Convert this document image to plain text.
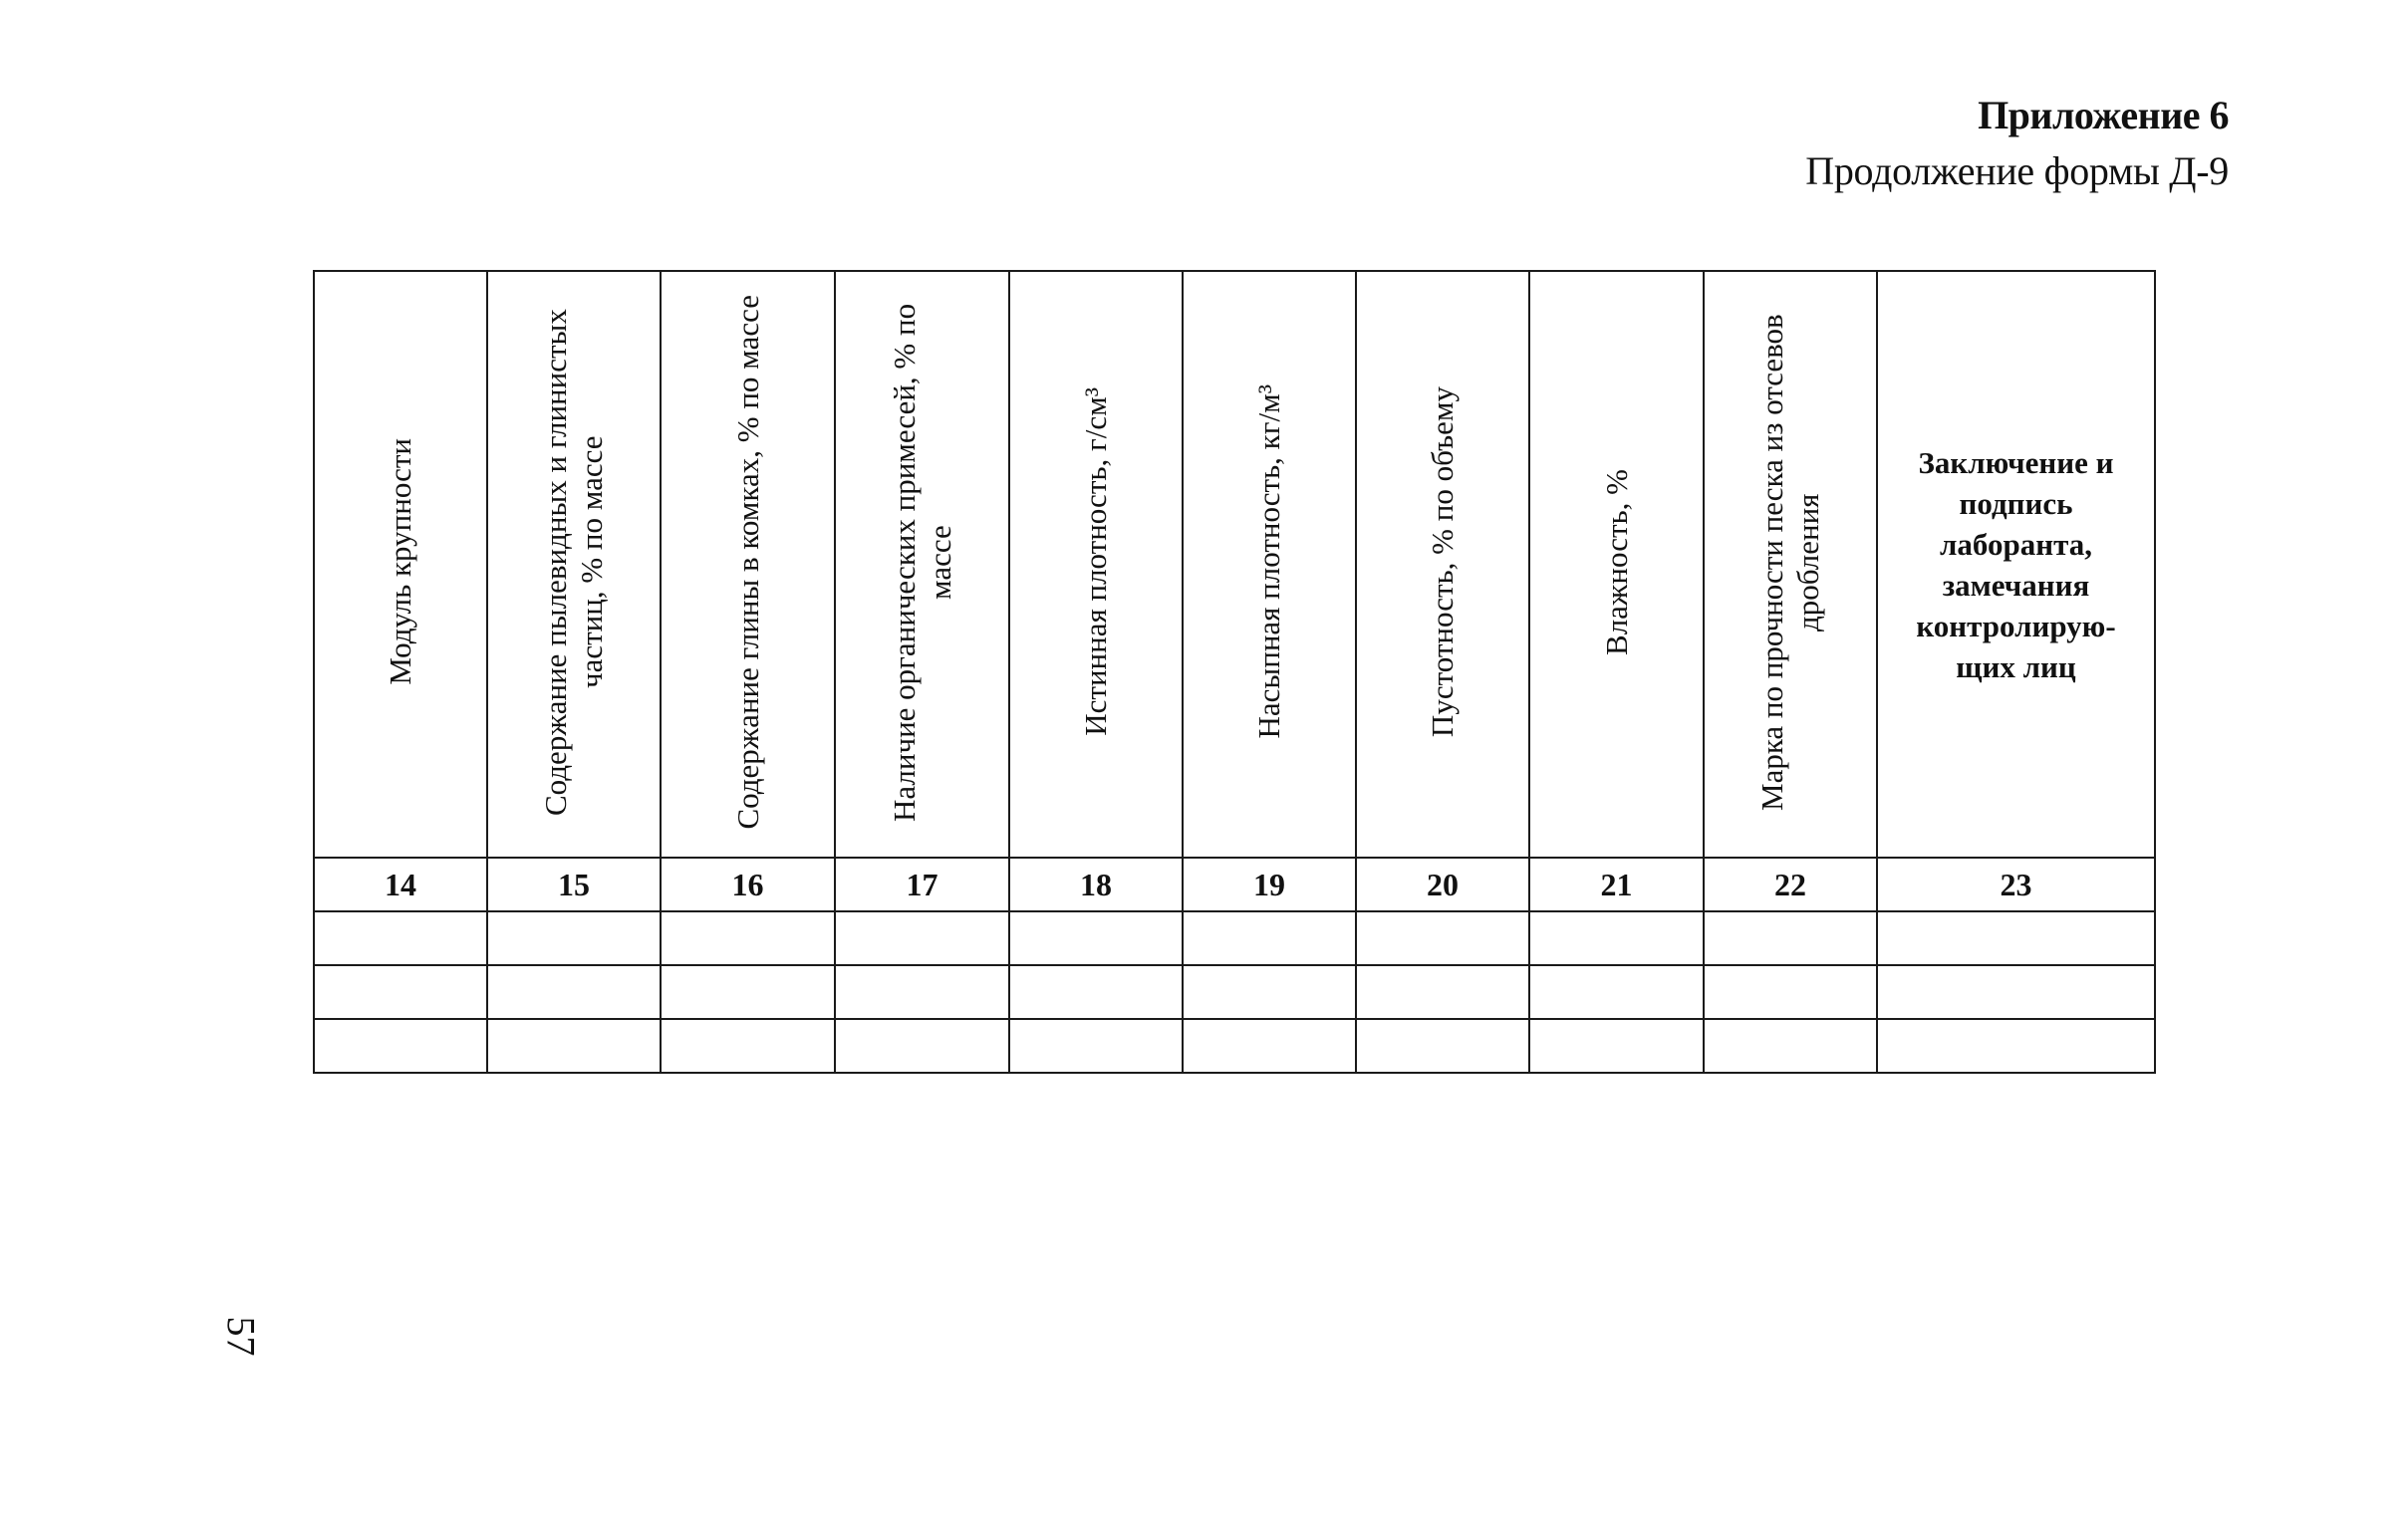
Приложение 6
Продолжение формы Д-9
Модуль крупности	Содержание пылевидных и глинистых частиц, % по массе	Содержание глины в комках, % по массе	Наличие органических примесей, % по массе	Истинная плотность, г/см³	Насыпная плотность, кг/м³	Пустотность, % по объему	Влажность, %	Марка по прочности песка из отсевов дробления	Заключение и подпись лаборанта, замечания контролирую-щих лиц

14	15	16	17	18	19	20	21	22	23

57
